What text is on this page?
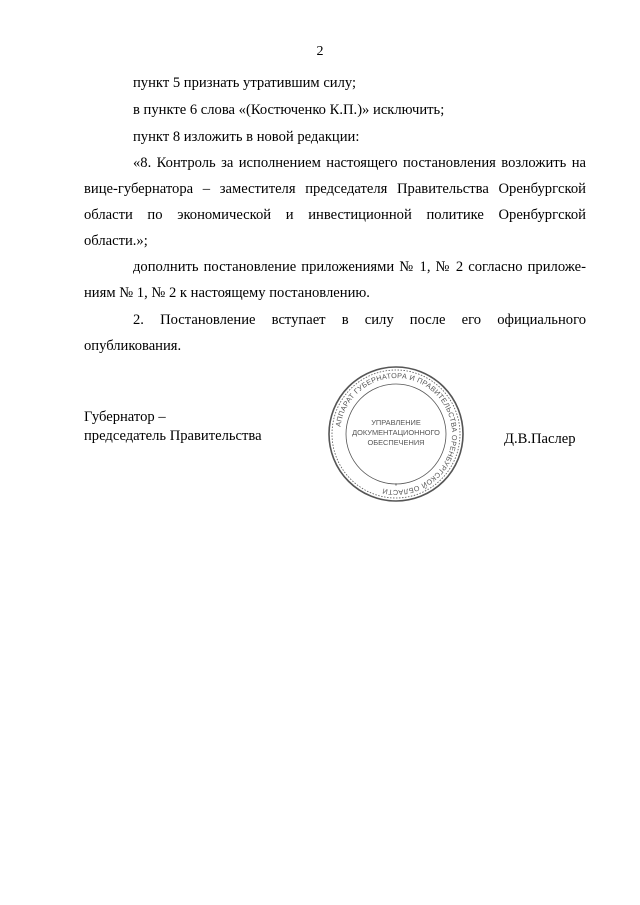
2

пункт 5 признать утратившим силу;

в пункте 6 слова «(Костюченко К.П.)» исключить;

пункт 8 изложить в новой редакции:

«8. Контроль за исполнением настоящего постановления возложить на
вице-губернатора – заместителя председателя Правительства Оренбургской
области по экономической и инвестиционной политике Оренбургской
области.»;
дополнить постановление приложениями № 1, № 2 согласно приложе-
ниям № 1, № 2 к настоящему постановлению.
2. Постановление вступает в силу после его официального
опубликования.
Губернатор –
председатель Правительства	Д.В.Паслер
АППАРАТ ГУБЕРНАТОРА И ПРАВИТЕЛЬСТВА ОРЕНБУРГСКОЙ ОБЛАСТИ
*
УПРАВЛЕНИЕ
ДОКУМЕНТАЦИОННОГО
ОБЕСПЕЧЕНИЯ
